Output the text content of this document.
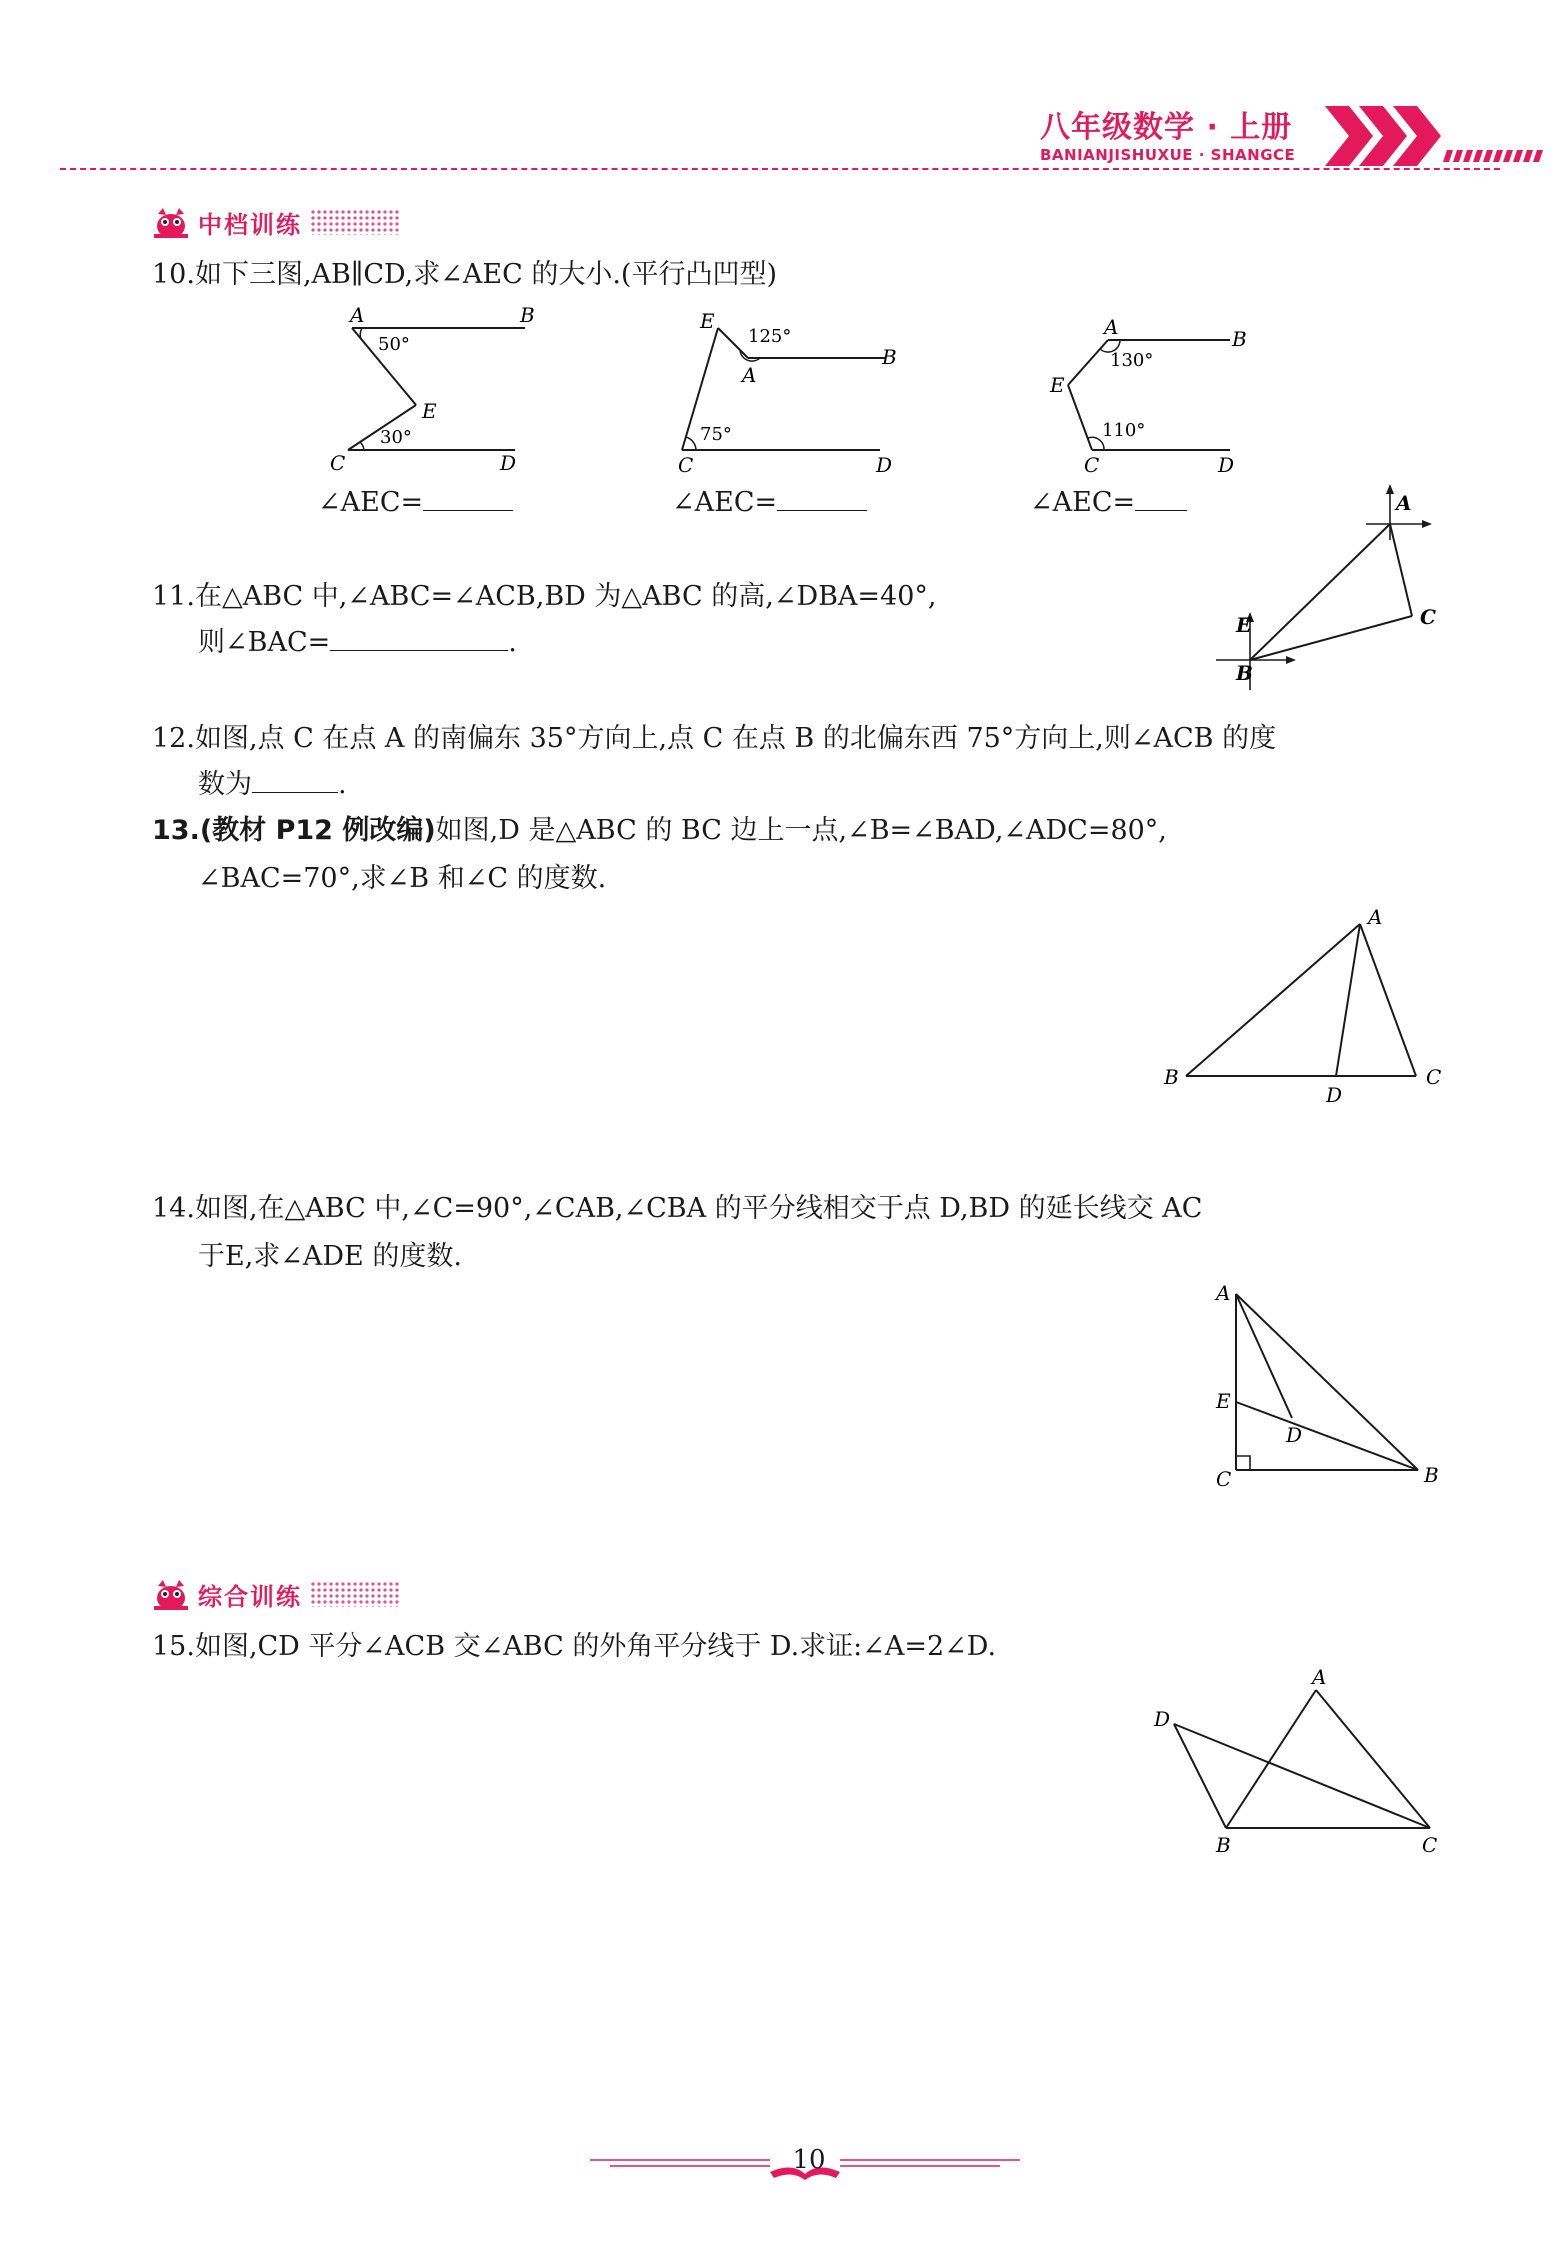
八年级数学 · 上册
BANIANJISHUXUE · SHANGCE
中档训练
10.如下三图,AB∥CD,求∠AEC 的大小.(平行凸凹型)
A	B
E
C	D
50°
30°
E
A
B
C	D
125°
75°
A	B
E
C	D
130°
110°
∠AEC=	∠AEC=	∠AEC=
11.在△ABC 中,∠ABC=∠ACB,BD 为△ABC 的高,∠DBA=40°,
则∠BAC=	.
A
C
E
B
12.如图,点 C 在点 A 的南偏东 35°方向上,点 C 在点 B 的北偏东西 75°方向上,则∠ACB 的度
数为	.
13.(教材 P12 例改编)如图,D 是△ABC 的 BC 边上一点,∠B=∠BAD,∠ADC=80°,
∠BAC=70°,求∠B 和∠C 的度数.
A
B	C
D
14.如图,在△ABC 中,∠C=90°,∠CAB,∠CBA 的平分线相交于点 D,BD 的延长线交 AC
于E,求∠ADE 的度数.
A
E
D
C	B
综合训练
15.如图,CD 平分∠ACB 交∠ABC 的外角平分线于 D.求证:∠A=2∠D.
A
D
B	C
10
